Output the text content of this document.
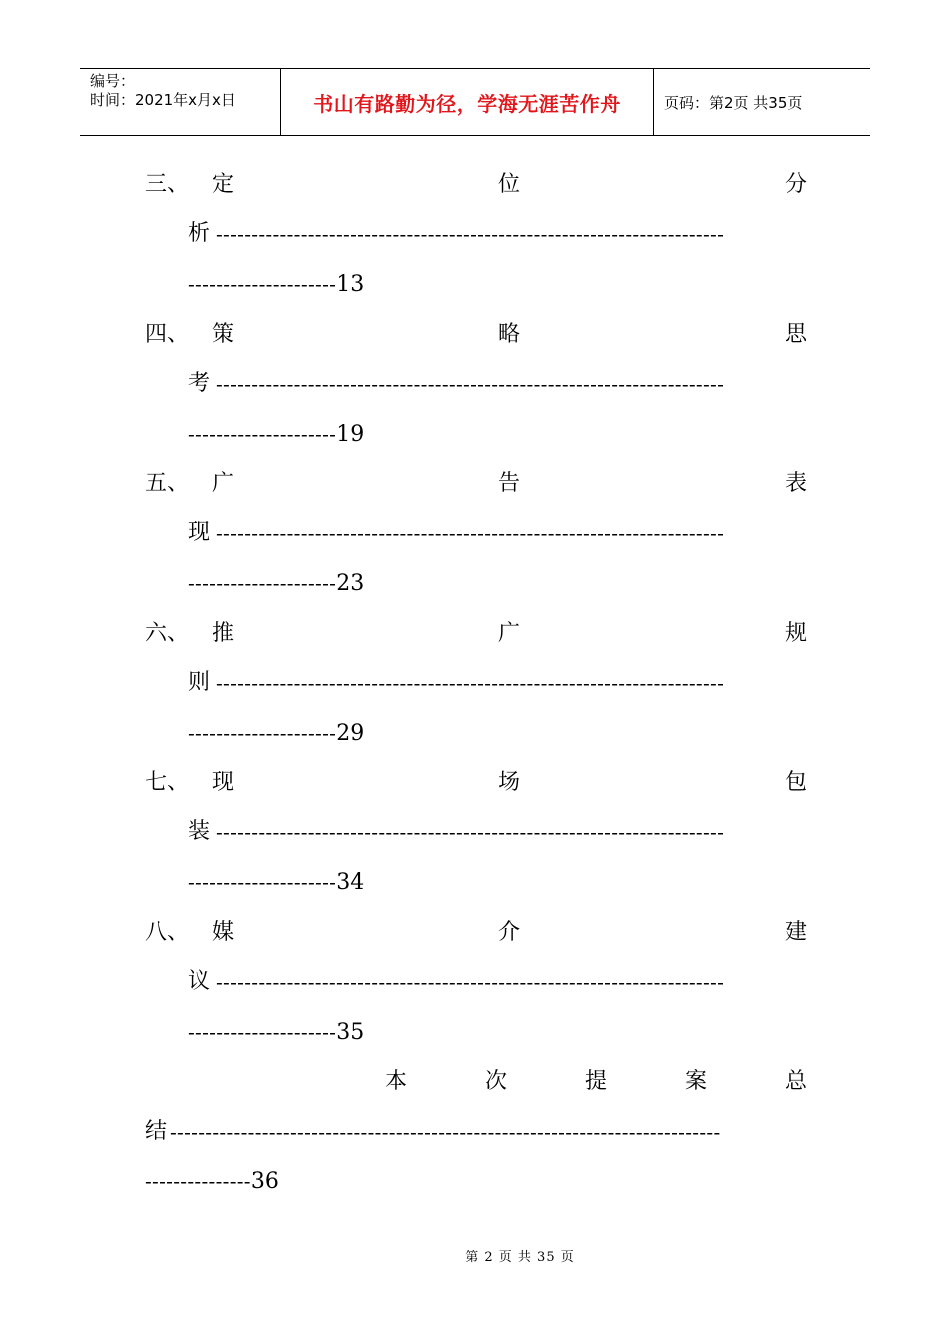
编号：
时间：2021年x月x日	书山有路勤为径，学海无涯苦作舟	页码：第2页 共35页
三、 定	位	分
析 ------------------------------------------------------------------------
---------------------13
四、 策	略	思
考 ------------------------------------------------------------------------
---------------------19
五、 广	告	表
现 ------------------------------------------------------------------------
---------------------23
六、 推	广	规
则 ------------------------------------------------------------------------
---------------------29
七、 现	场	包
装 ------------------------------------------------------------------------
---------------------34
八、 媒	介	建
议 ------------------------------------------------------------------------
---------------------35
本	次	提	案	总
结 ------------------------------------------------------------------------------
---------------36
第 2 页 共 35 页
